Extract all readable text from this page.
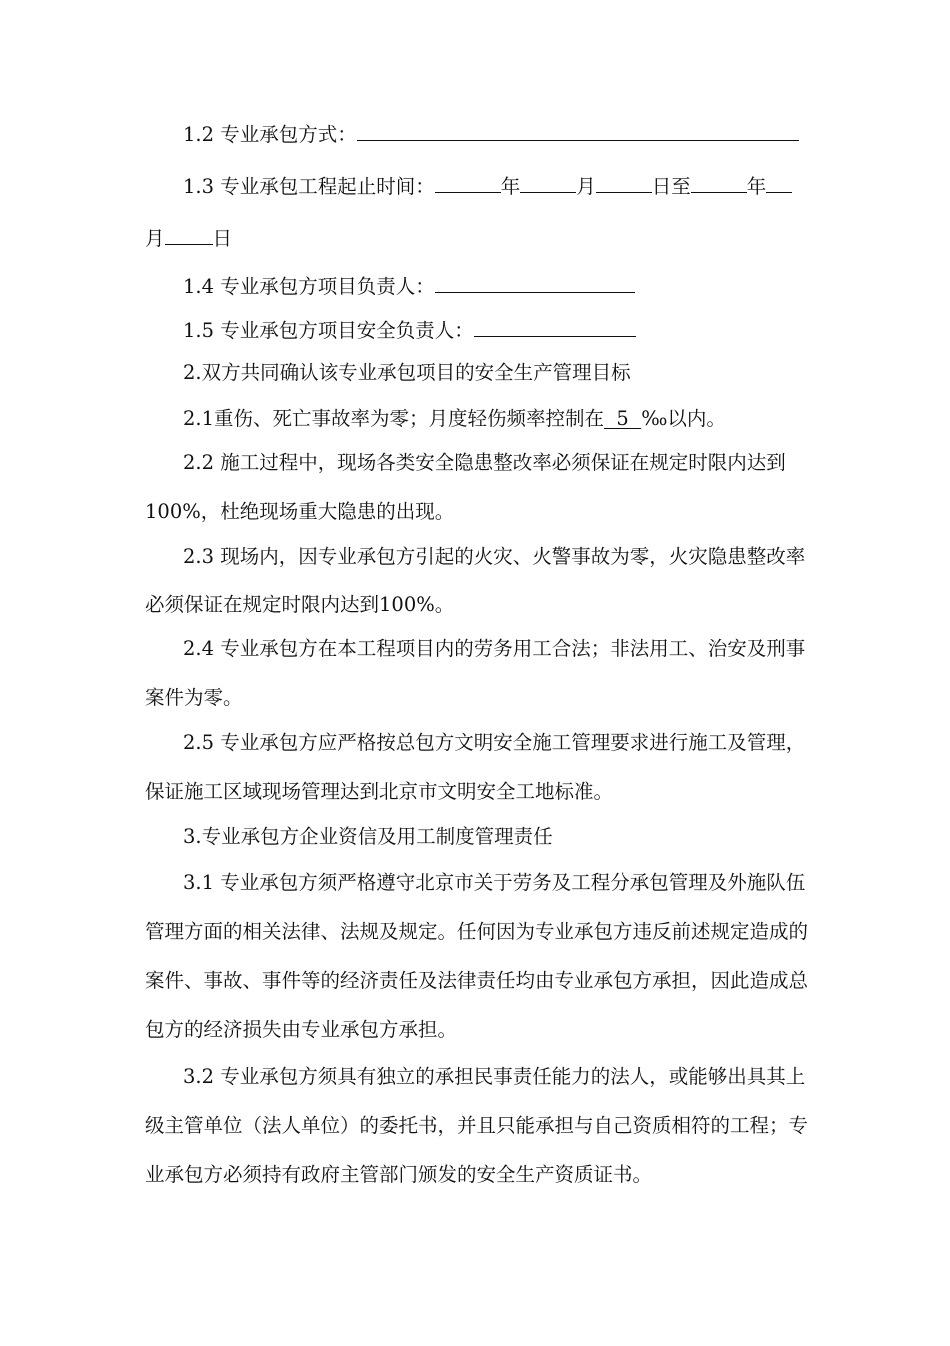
1.2 专业承包方式：
1.3 专业承包工程起止时间：	年	月	日至	年
月 日
1.4 专业承包方项目负责人：
1.5 专业承包方项目安全负责人：
2.双方共同确认该专业承包项目的安全生产管理目标
2.1重伤、死亡事故率为零；月度轻伤频率控制在  5  ‰以内。
2.2 施工过程中，现场各类安全隐患整改率必须保证在规定时限内达到
100%，杜绝现场重大隐患的出现。
2.3 现场内，因专业承包方引起的火灾、火警事故为零，火灾隐患整改率
必须保证在规定时限内达到100%。
2.4 专业承包方在本工程项目内的劳务用工合法；非法用工、治安及刑事
案件为零。
2.5 专业承包方应严格按总包方文明安全施工管理要求进行施工及管理，
保证施工区域现场管理达到北京市文明安全工地标准。
3.专业承包方企业资信及用工制度管理责任
3.1 专业承包方须严格遵守北京市关于劳务及工程分承包管理及外施队伍
管理方面的相关法律、法规及规定。任何因为专业承包方违反前述规定造成的
案件、事故、事件等的经济责任及法律责任均由专业承包方承担，因此造成总
包方的经济损失由专业承包方承担。
3.2 专业承包方须具有独立的承担民事责任能力的法人，或能够出具其上
级主管单位（法人单位）的委托书，并且只能承担与自己资质相符的工程；专
业承包方必须持有政府主管部门颁发的安全生产资质证书。
